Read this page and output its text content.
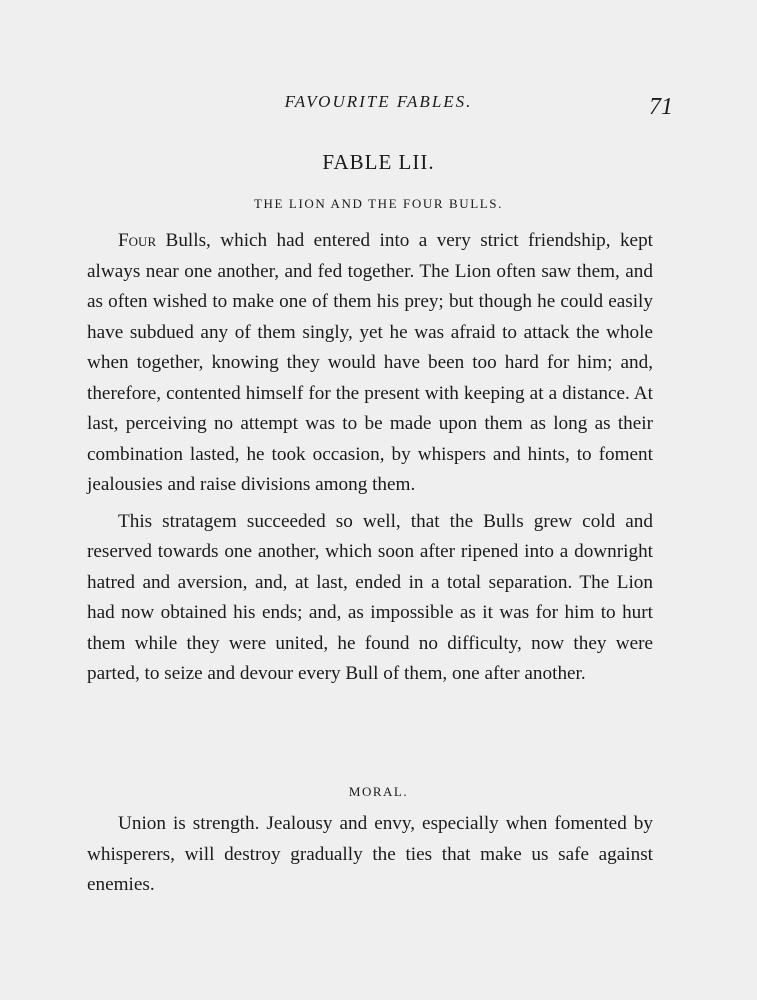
FAVOURITE FABLES.	71
FABLE LII.
THE LION AND THE FOUR BULLS.

Four Bulls, which had entered into a very strict friendship, kept always near one another, and fed together. The Lion often saw them, and as often wished to make one of them his prey; but though he could easily have subdued any of them singly, yet he was afraid to attack the whole when together, knowing they would have been too hard for him; and, therefore, contented himself for the present with keeping at a distance. At last, perceiving no attempt was to be made upon them as long as their combination lasted, he took occasion, by whispers and hints, to foment jealousies and raise divisions among them.

This stratagem succeeded so well, that the Bulls grew cold and reserved towards one another, which soon after ripened into a downright hatred and aversion, and, at last, ended in a total separation. The Lion had now obtained his ends; and, as impossible as it was for him to hurt them while they were united, he found no difficulty, now they were parted, to seize and devour every Bull of them, one after another.

MORAL.

Union is strength. Jealousy and envy, especially when fomented by whisperers, will destroy gradually the ties that make us safe against enemies.
